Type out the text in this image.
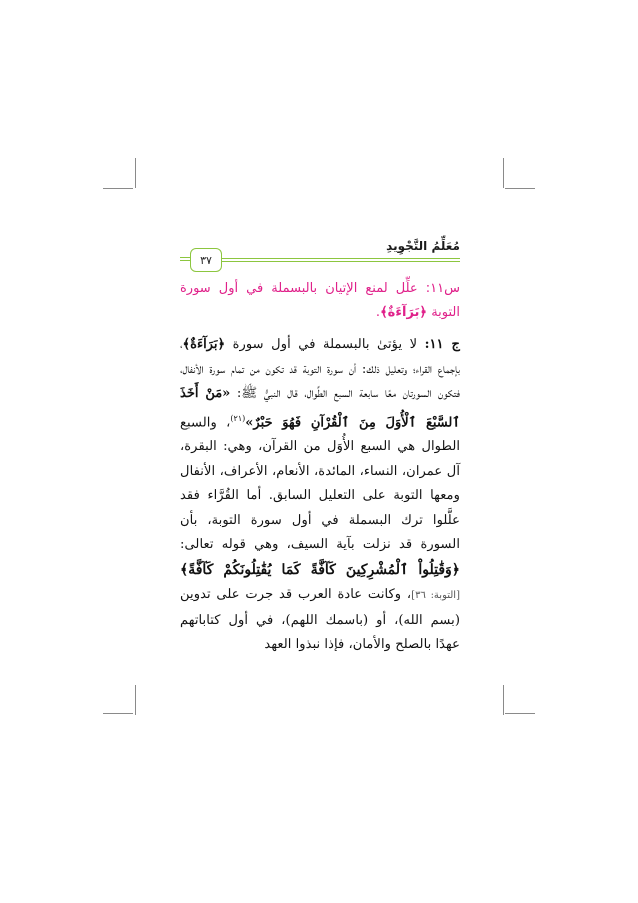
مُعَلِّمُ التَّجْوِيدِ
٣٧

س١١: علِّل لمنع الإتيان بالبسملة في أول سورة التوبة ﴿بَرَآءَةٌ﴾.

ج ١١: لا يؤتىٰ بالبسملة في أول سورة ﴿بَرَآءَةٌ﴾، بإجماع القراء؛ وتعليل ذلك: أن سورة التوبة قد تكون من تمام سورة الأنفال، فتكون السورتان معًا سابعة السبع الطِّوال، قال النبيُّ ﷺ: «مَنْ أَخَذَ ٱلسَّبْعَ ٱلْأُوَلَ مِنَ ٱلْقُرْآنِ فَهُوَ حَبْرٌ»$^{(٢١)}$، والسبع الطوال هي السبع الأُوَل من القرآن، وهي: البقرة، آل عمران، النساء، المائدة، الأنعام، الأعراف، الأنفال ومعها التوبة على التعليل السابق. أما القُرَّاء فقد علَّلوا ترك البسملة في أول سورة التوبة، بأن السورة قد نزلت بآية السيف، وهي قوله تعالى: ﴿وَقَٰتِلُواْ ٱلْمُشْرِكِينَ كَآفَّةً كَمَا يُقَٰتِلُونَكُمْ كَآفَّةً﴾ [التوبة: ٣٦]، وكانت عادة العرب قد جرت على تدوين (بسم الله)، أو (باسمك اللهم)، في أول كتاباتهم عهدًا بالصلح والأمان، فإذا نبذوا العهد
